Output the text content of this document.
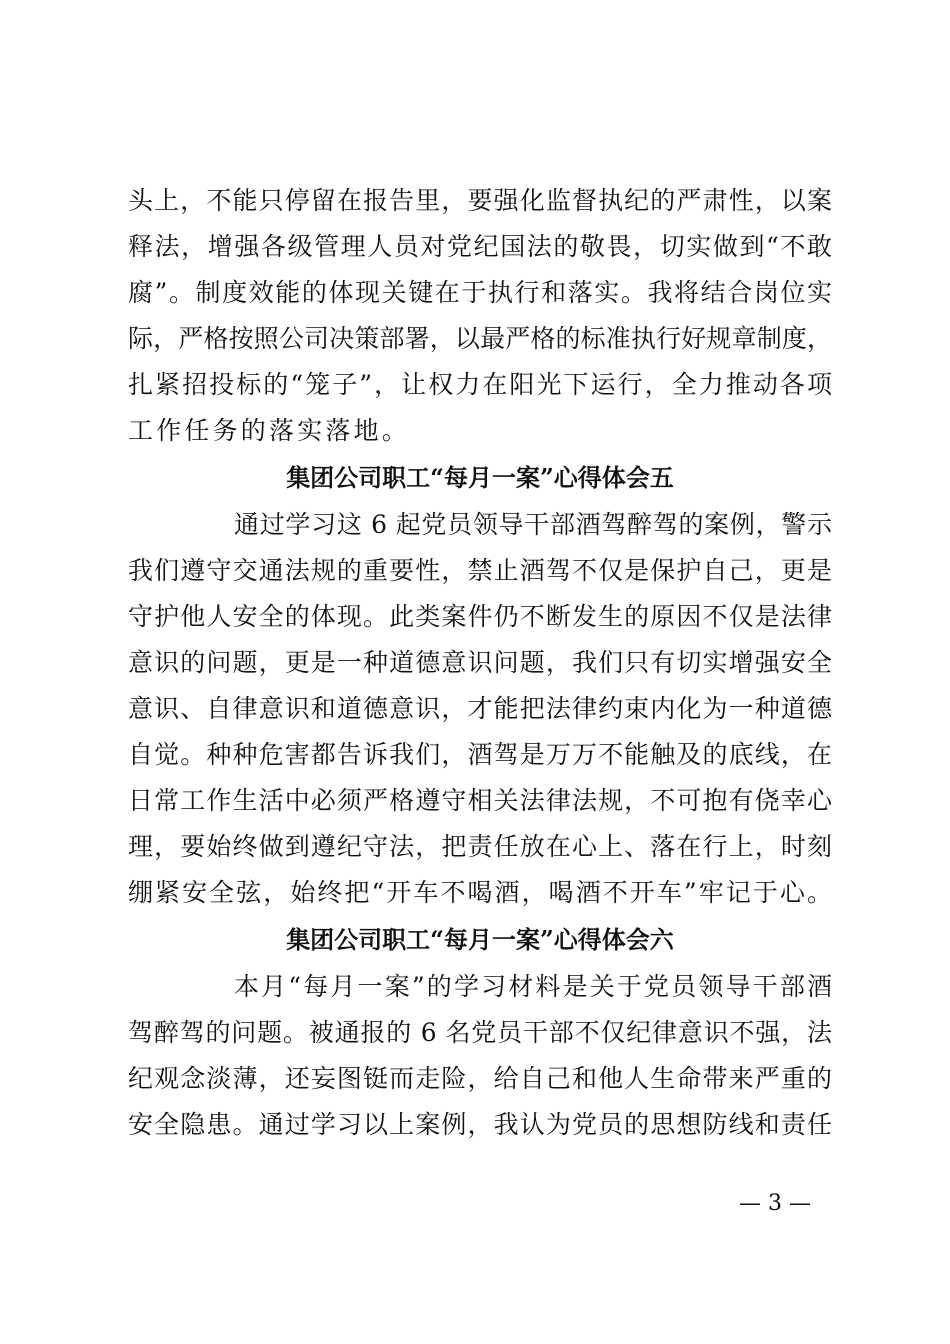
头上，不能只停留在报告里，要强化监督执纪的严肃性，以案
释法，增强各级管理人员对党纪国法的敬畏，切实做到“不敢
腐”。制度效能的体现关键在于执行和落实。我将结合岗位实
际，严格按照公司决策部署，以最严格的标准执行好规章制度，
扎紧招投标的“笼子”，让权力在阳光下运行，全力推动各项
工作任务的落实落地。
集团公司职工“每月一案”心得体会五
通过学习这 6 起党员领导干部酒驾醉驾的案例，警示
我们遵守交通法规的重要性，禁止酒驾不仅是保护自己，更是
守护他人安全的体现。此类案件仍不断发生的原因不仅是法律
意识的问题，更是一种道德意识问题，我们只有切实增强安全
意识、自律意识和道德意识，才能把法律约束内化为一种道德
自觉。种种危害都告诉我们，酒驾是万万不能触及的底线，在
日常工作生活中必须严格遵守相关法律法规，不可抱有侥幸心
理，要始终做到遵纪守法，把责任放在心上、落在行上，时刻
绷紧安全弦，始终把“开车不喝酒，喝酒不开车”牢记于心。
集团公司职工“每月一案”心得体会六
本月“每月一案”的学习材料是关于党员领导干部酒
驾醉驾的问题。被通报的 6 名党员干部不仅纪律意识不强，法
纪观念淡薄，还妄图铤而走险，给自己和他人生命带来严重的
安全隐患。通过学习以上案例，我认为党员的思想防线和责任
— 3 —
